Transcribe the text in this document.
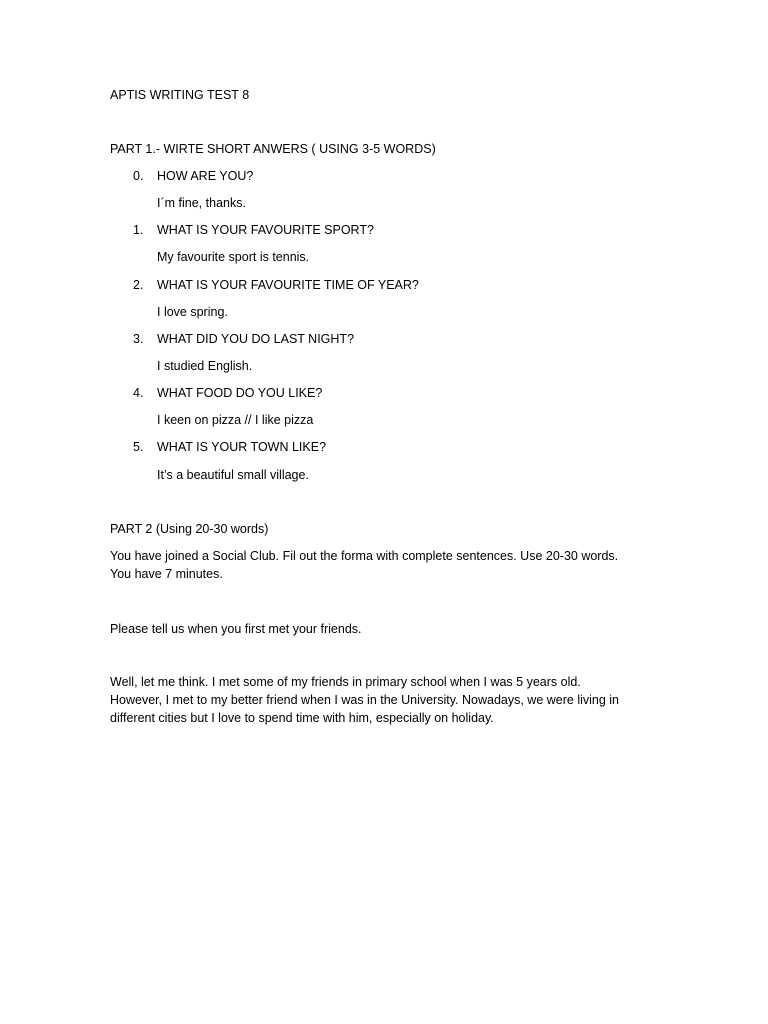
APTIS WRITING TEST 8
PART 1.- WIRTE SHORT ANWERS ( USING 3-5 WORDS)
0. HOW ARE YOU?
I´m fine, thanks.
1. WHAT IS YOUR FAVOURITE SPORT?
My favourite sport is tennis.
2. WHAT IS YOUR FAVOURITE TIME OF YEAR?
I love spring.
3. WHAT DID YOU DO LAST NIGHT?
I studied English.
4. WHAT FOOD DO YOU LIKE?
I keen on pizza // I like pizza
5. WHAT IS YOUR TOWN LIKE?
It’s a beautiful small village.
PART 2 (Using 20-30 words)
You have joined a Social Club. Fil out the forma with complete sentences. Use 20-30 words.
You have 7 minutes.
Please tell us when you first met your friends.
Well, let me think. I met some of my friends in primary school when I was 5 years old.
However, I met to my better friend when I was in the University. Nowadays, we were living in
different cities but I love to spend time with him, especially on holiday.
